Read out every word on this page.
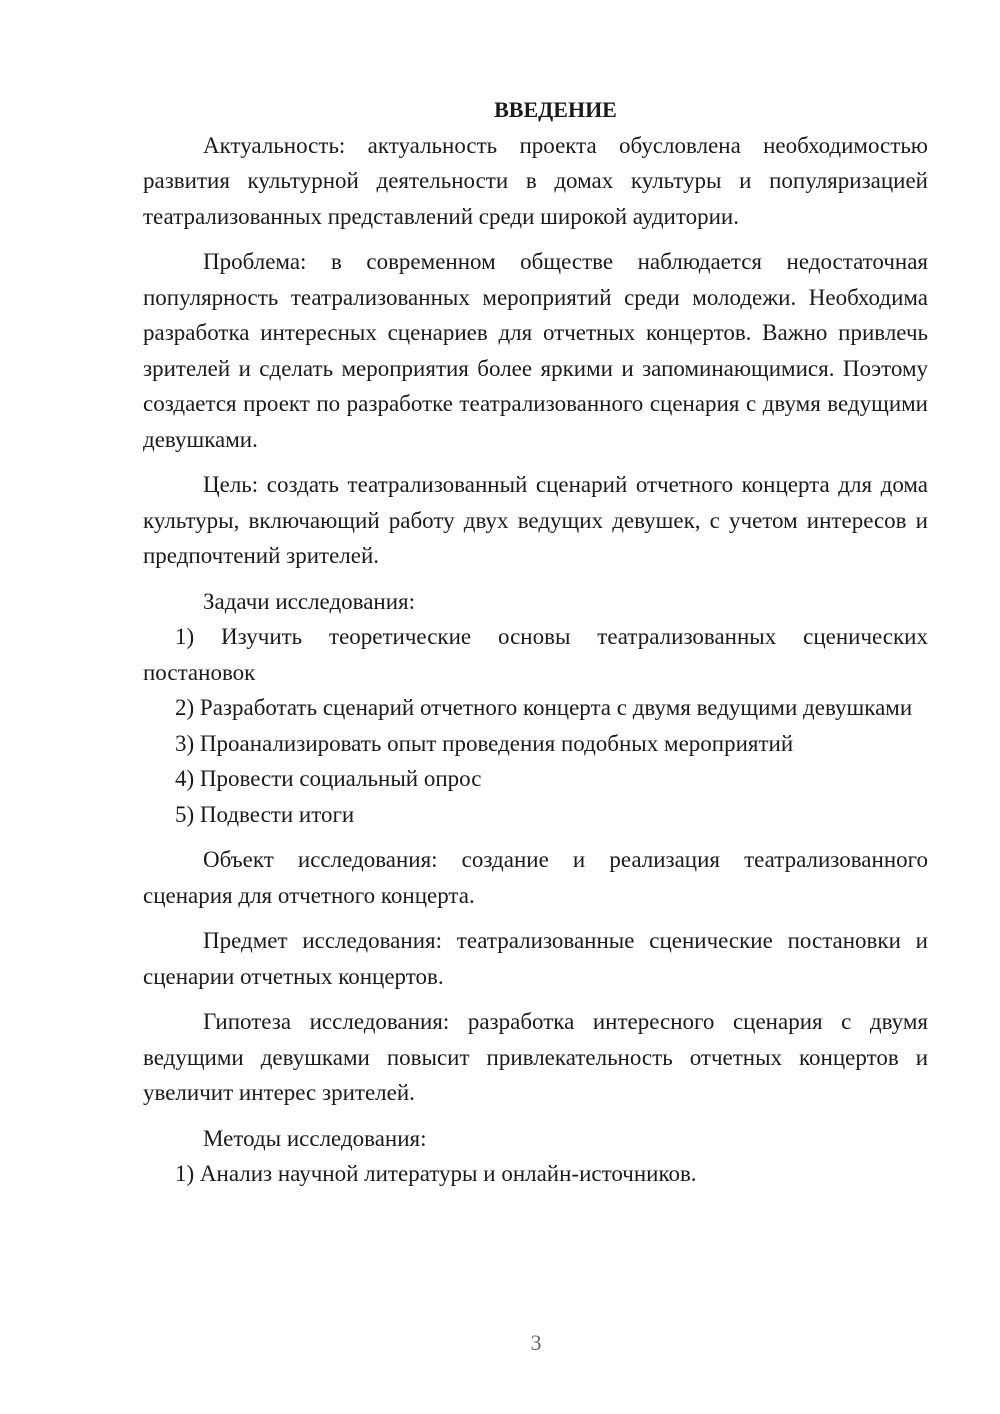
ВВЕДЕНИЕ

Актуальность: актуальность проекта обусловлена необходимостью развития культурной деятельности в домах культуры и популяризацией театрализованных представлений среди широкой аудитории.

Проблема: в современном обществе наблюдается недостаточная популярность театрализованных мероприятий среди молодежи. Необходима разработка интересных сценариев для отчетных концертов. Важно привлечь зрителей и сделать мероприятия более яркими и запоминающимися. Поэтому создается проект по разработке театрализованного сценария с двумя ведущими девушками.

Цель: создать театрализованный сценарий отчетного концерта для дома культуры, включающий работу двух ведущих девушек, с учетом интересов и предпочтений зрителей.

Задачи исследования:

1) Изучить теоретические основы театрализованных сценических постановок

2) Разработать сценарий отчетного концерта с двумя ведущими девушками

3) Проанализировать опыт проведения подобных мероприятий

4) Провести социальный опрос

5) Подвести итоги

Объект исследования: создание и реализация театрализованного сценария для отчетного концерта.

Предмет исследования: театрализованные сценические постановки и сценарии отчетных концертов.

Гипотеза исследования: разработка интересного сценария с двумя ведущими девушками повысит привлекательность отчетных концертов и увеличит интерес зрителей.

Методы исследования:

1) Анализ научной литературы и онлайн-источников.

3
